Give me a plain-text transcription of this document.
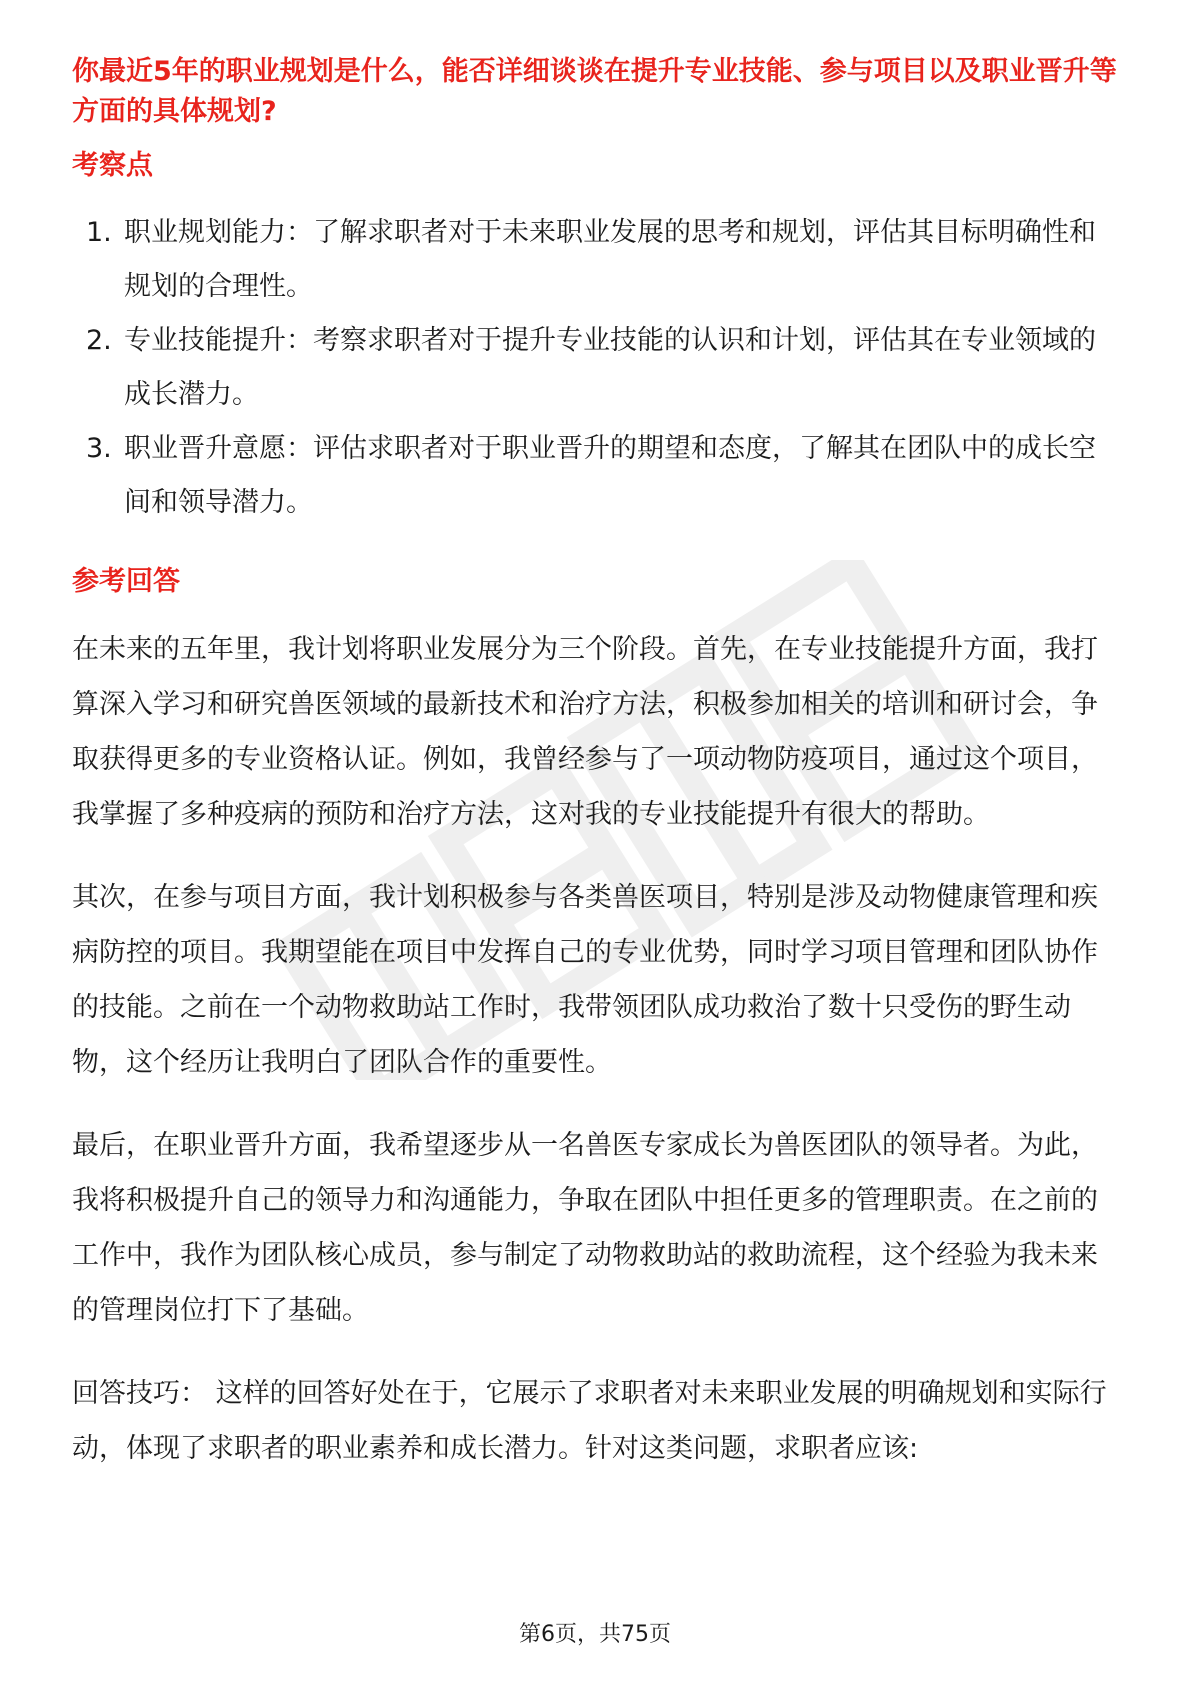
你最近5年的职业规划是什么，能否详细谈谈在提升专业技能、参与项目以及职业晋升等方面的具体规划?

考察点
1. 职业规划能力：了解求职者对于未来职业发展的思考和规划，评估其目标明确性和规划的合理性。
2. 专业技能提升：考察求职者对于提升专业技能的认识和计划，评估其在专业领域的成长潜力。
3. 职业晋升意愿：评估求职者对于职业晋升的期望和态度，了解其在团队中的成长空间和领导潜力。
参考回答

在未来的五年里，我计划将职业发展分为三个阶段。首先，在专业技能提升方面，我打算深入学习和研究兽医领域的最新技术和治疗方法，积极参加相关的培训和研讨会，争取获得更多的专业资格认证。例如，我曾经参与了一项动物防疫项目，通过这个项目，我掌握了多种疫病的预防和治疗方法，这对我的专业技能提升有很大的帮助。

其次，在参与项目方面，我计划积极参与各类兽医项目，特别是涉及动物健康管理和疾病防控的项目。我期望能在项目中发挥自己的专业优势，同时学习项目管理和团队协作的技能。之前在一个动物救助站工作时，我带领团队成功救治了数十只受伤的野生动物，这个经历让我明白了团队合作的重要性。

最后，在职业晋升方面，我希望逐步从一名兽医专家成长为兽医团队的领导者。为此，我将积极提升自己的领导力和沟通能力，争取在团队中担任更多的管理职责。在之前的工作中，我作为团队核心成员，参与制定了动物救助站的救助流程，这个经验为我未来的管理岗位打下了基础。

回答技巧： 这样的回答好处在于，它展示了求职者对未来职业发展的明确规划和实际行动，体现了求职者的职业素养和成长潜力。针对这类问题，求职者应该:

第6页，共75页
